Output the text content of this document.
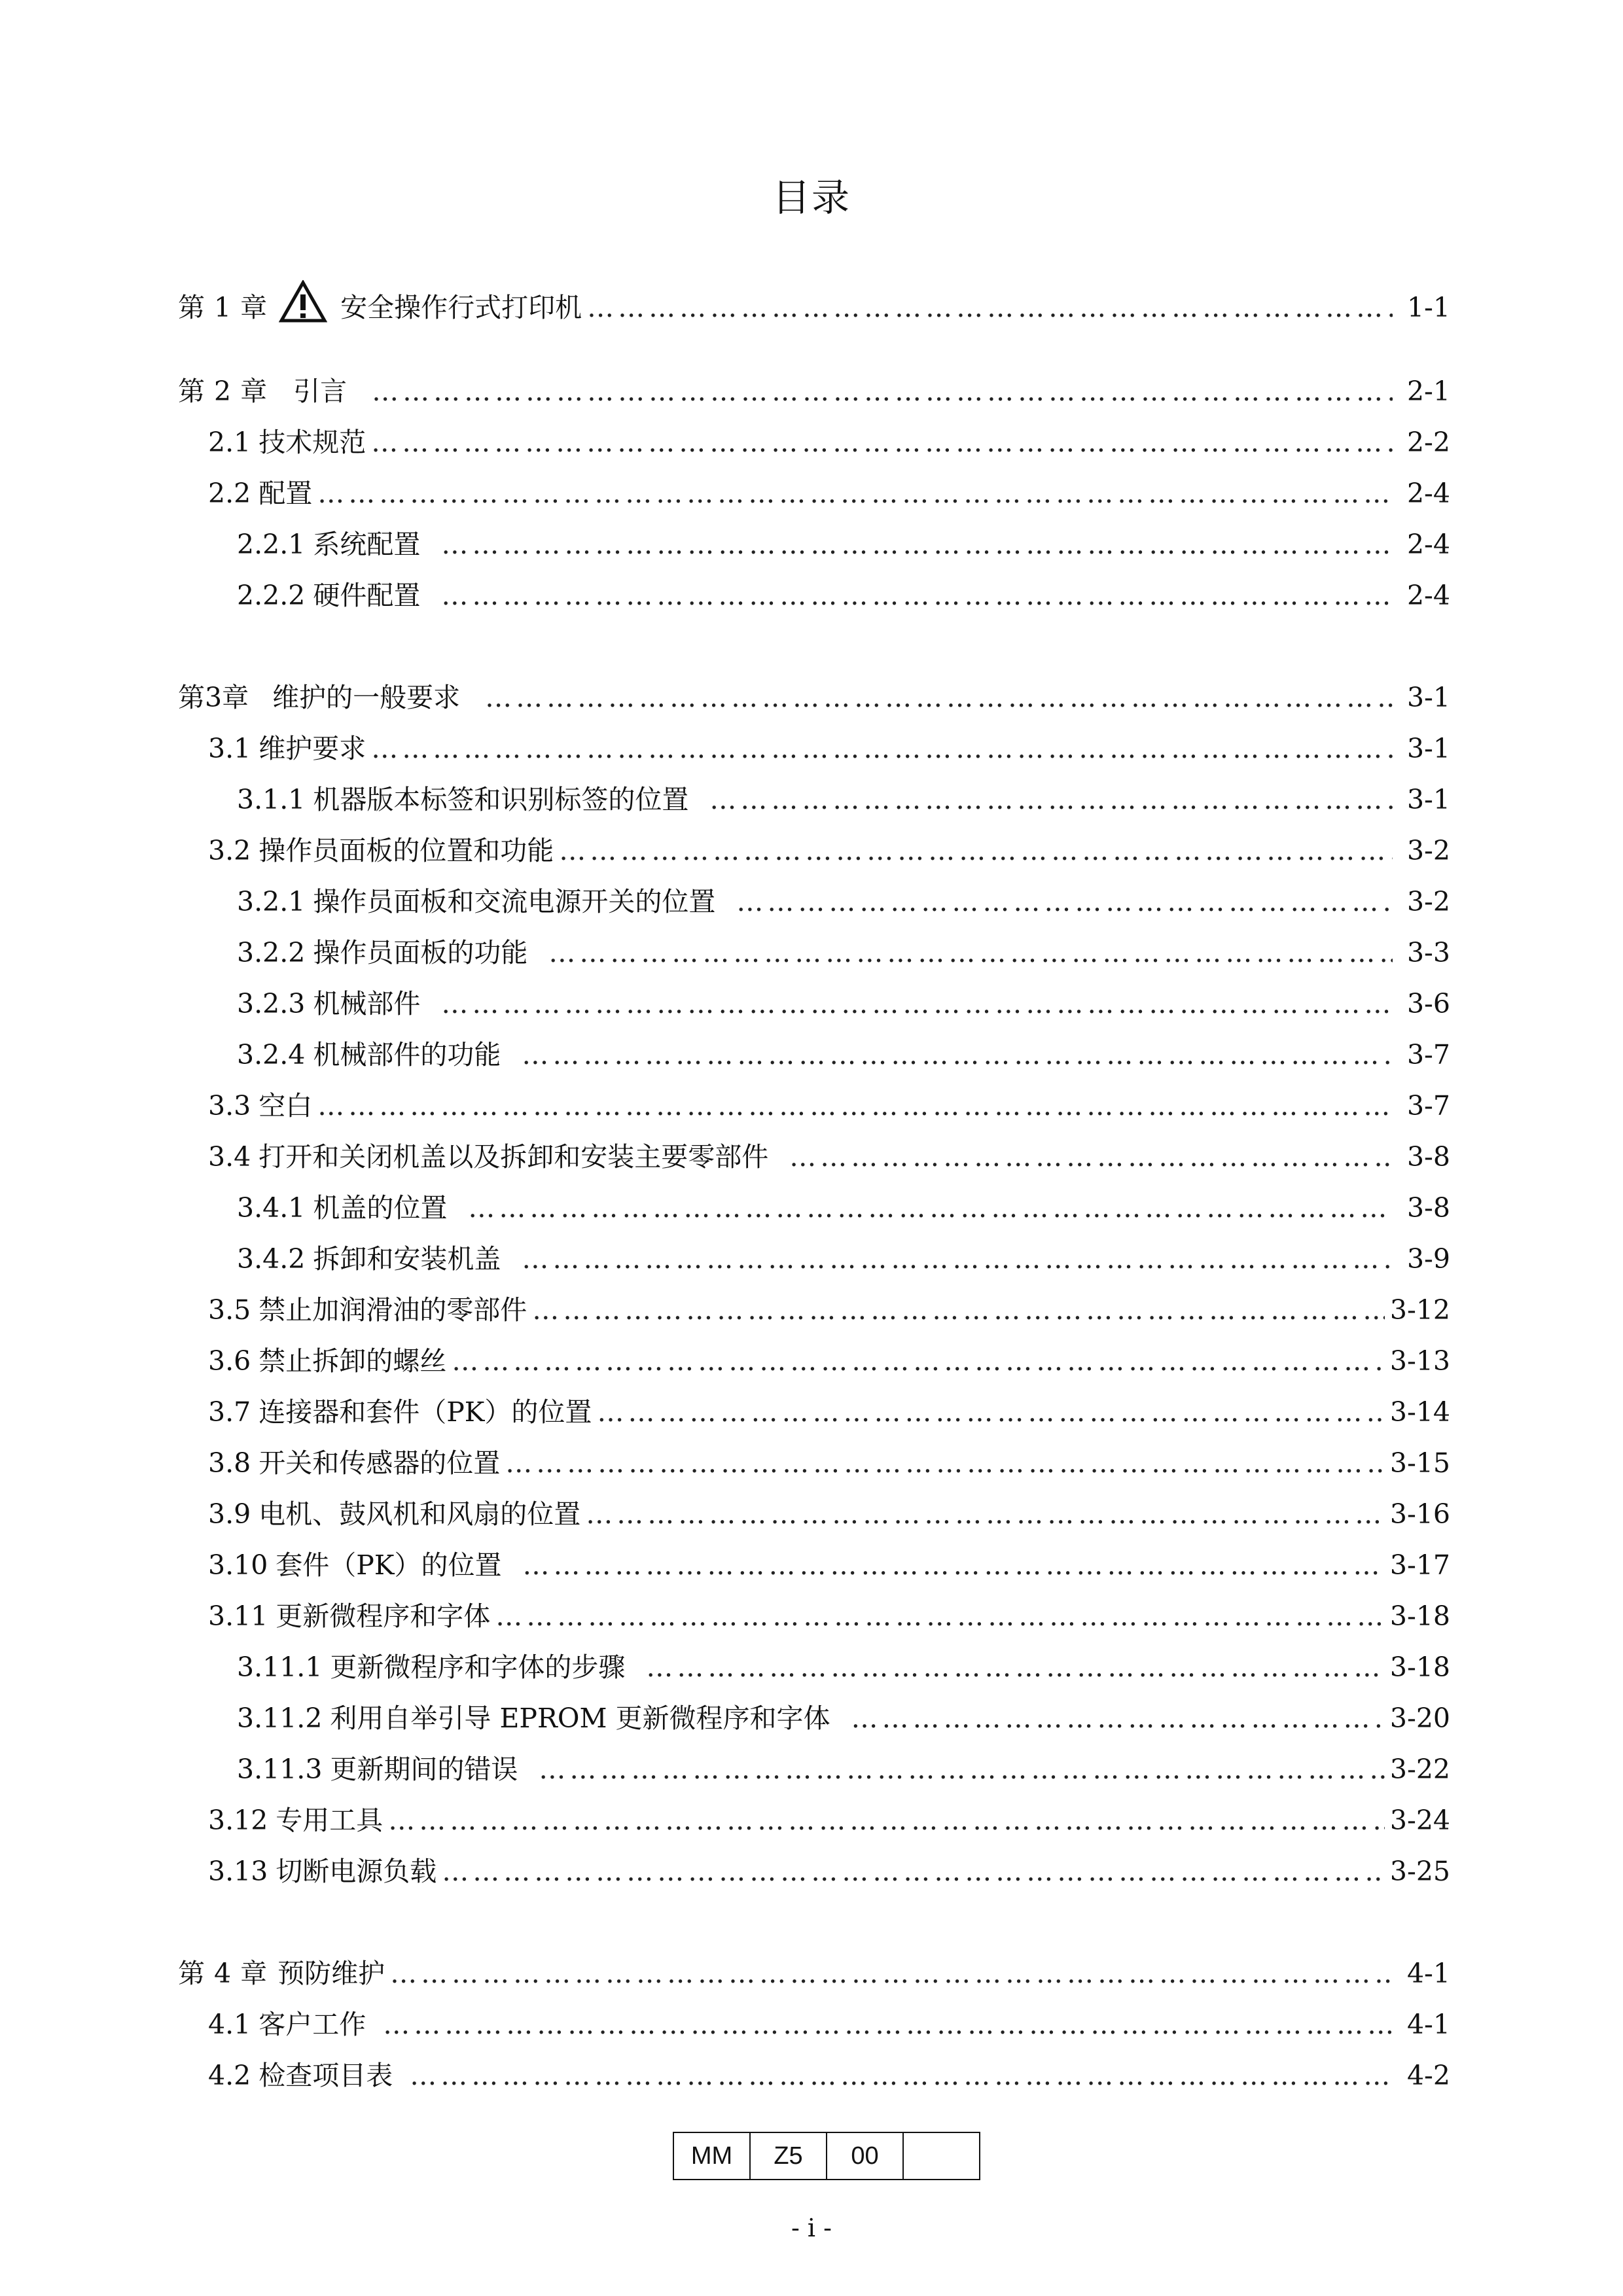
目录
第 1 章	安全操作行式打印机 …………………………………………………………………………………………………………………………………………………………………………………………………………………………………………………………	1-1
第 2 章 引言 …………………………………………………………………………………………………………………………………………………………………………………………………………………………………………………………	2-1
2.1 技术规范 …………………………………………………………………………………………………………………………………………………………………………………………………………………………………………………………	2-2
2.2 配置 …………………………………………………………………………………………………………………………………………………………………………………………………………………………………………………………	2-4
2.2.1 系统配置 …………………………………………………………………………………………………………………………………………………………………………………………………………………………………………………………	2-4
2.2.2 硬件配置 …………………………………………………………………………………………………………………………………………………………………………………………………………………………………………………………	2-4
第3章 维护的一般要求 …………………………………………………………………………………………………………………………………………………………………………………………………………………………………………………………	3-1
3.1 维护要求 …………………………………………………………………………………………………………………………………………………………………………………………………………………………………………………………	3-1
3.1.1 机器版本标签和识别标签的位置 …………………………………………………………………………………………………………………………………………………………………………………………………………………………………………………………	3-1
3.2 操作员面板的位置和功能 …………………………………………………………………………………………………………………………………………………………………………………………………………………………………………………………	3-2
3.2.1 操作员面板和交流电源开关的位置 …………………………………………………………………………………………………………………………………………………………………………………………………………………………………………………………	3-2
3.2.2 操作员面板的功能 …………………………………………………………………………………………………………………………………………………………………………………………………………………………………………………………	3-3
3.2.3 机械部件 …………………………………………………………………………………………………………………………………………………………………………………………………………………………………………………………	3-6
3.2.4 机械部件的功能 …………………………………………………………………………………………………………………………………………………………………………………………………………………………………………………………	3-7
3.3 空白 …………………………………………………………………………………………………………………………………………………………………………………………………………………………………………………………	3-7
3.4 打开和关闭机盖以及拆卸和安装主要零部件 …………………………………………………………………………………………………………………………………………………………………………………………………………………………………………………………	3-8
3.4.1 机盖的位置 …………………………………………………………………………………………………………………………………………………………………………………………………………………………………………………………	3-8
3.4.2 拆卸和安装机盖 …………………………………………………………………………………………………………………………………………………………………………………………………………………………………………………………	3-9
3.5 禁止加润滑油的零部件 …………………………………………………………………………………………………………………………………………………………………………………………………………………………………………………………	3-12
3.6 禁止拆卸的螺丝 …………………………………………………………………………………………………………………………………………………………………………………………………………………………………………………………	3-13
3.7 连接器和套件（PK）的位置 …………………………………………………………………………………………………………………………………………………………………………………………………………………………………………………………	3-14
3.8 开关和传感器的位置 …………………………………………………………………………………………………………………………………………………………………………………………………………………………………………………………	3-15
3.9 电机、鼓风机和风扇的位置 …………………………………………………………………………………………………………………………………………………………………………………………………………………………………………………………	3-16
3.10 套件（PK）的位置 …………………………………………………………………………………………………………………………………………………………………………………………………………………………………………………………	3-17
3.11 更新微程序和字体 …………………………………………………………………………………………………………………………………………………………………………………………………………………………………………………………	3-18
3.11.1 更新微程序和字体的步骤 …………………………………………………………………………………………………………………………………………………………………………………………………………………………………………………………	3-18
3.11.2 利用自举引导 EPROM 更新微程序和字体 …………………………………………………………………………………………………………………………………………………………………………………………………………………………………………………………	3-20
3.11.3 更新期间的错误 …………………………………………………………………………………………………………………………………………………………………………………………………………………………………………………………	3-22
3.12 专用工具 …………………………………………………………………………………………………………………………………………………………………………………………………………………………………………………………	3-24
3.13 切断电源负载 …………………………………………………………………………………………………………………………………………………………………………………………………………………………………………………………	3-25
第 4 章 预防维护 …………………………………………………………………………………………………………………………………………………………………………………………………………………………………………………………	4-1
4.1 客户工作 …………………………………………………………………………………………………………………………………………………………………………………………………………………………………………………………	4-1
4.2 检查项目表 …………………………………………………………………………………………………………………………………………………………………………………………………………………………………………………………	4-2
MM	Z5	00
- i -
